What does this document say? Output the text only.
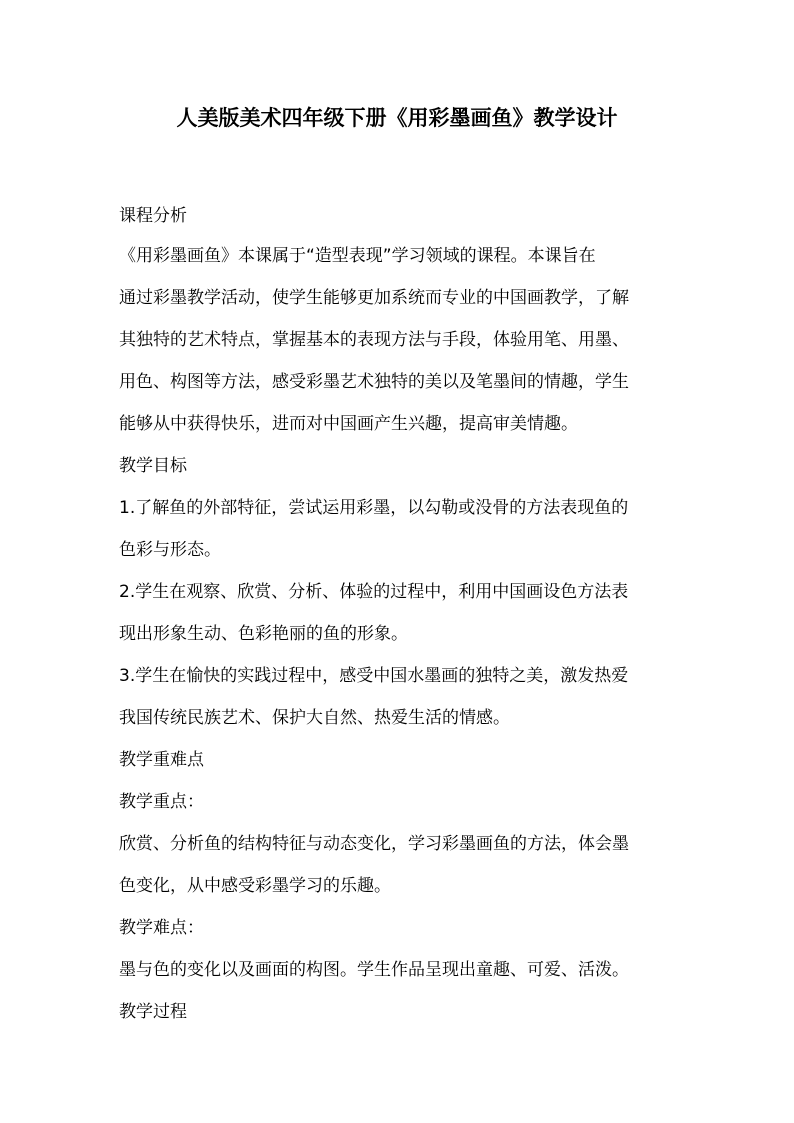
人美版美术四年级下册《用彩墨画鱼》教学设计
课程分析
《用彩墨画鱼》本课属于“造型表现”学习领域的课程。本课旨在
通过彩墨教学活动，使学生能够更加系统而专业的中国画教学，了解
其独特的艺术特点，掌握基本的表现方法与手段，体验用笔、用墨、
用色、构图等方法，感受彩墨艺术独特的美以及笔墨间的情趣，学生
能够从中获得快乐，进而对中国画产生兴趣，提高审美情趣。
教学目标
1.了解鱼的外部特征，尝试运用彩墨，以勾勒或没骨的方法表现鱼的
色彩与形态。
2.学生在观察、欣赏、分析、体验的过程中，利用中国画设色方法表
现出形象生动、色彩艳丽的鱼的形象。
3.学生在愉快的实践过程中，感受中国水墨画的独特之美，激发热爱
我国传统民族艺术、保护大自然、热爱生活的情感。
教学重难点
教学重点：
欣赏、分析鱼的结构特征与动态变化，学习彩墨画鱼的方法，体会墨
色变化，从中感受彩墨学习的乐趣。
教学难点：
墨与色的变化以及画面的构图。学生作品呈现出童趣、可爱、活泼。
教学过程
